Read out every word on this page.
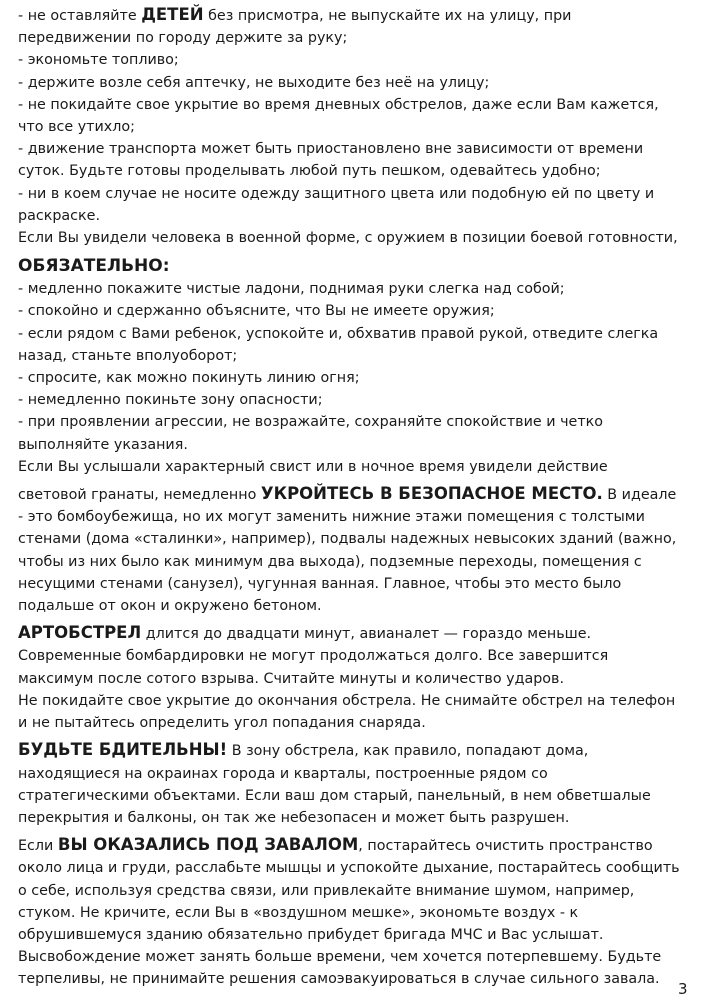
- не оставляйте ДЕТЕЙ без присмотра, не выпускайте их на улицу, при
передвижении по городу держите за руку;
- экономьте топливо;
- держите возле себя аптечку, не выходите без неё на улицу;
- не покидайте свое укрытие во время дневных обстрелов, даже если Вам кажется,
что все утихло;
- движение транспорта может быть приостановлено вне зависимости от времени
суток. Будьте готовы проделывать любой путь пешком, одевайтесь удобно;
- ни в коем случае не носите одежду защитного цвета или подобную ей по цвету и
раскраске.
Если Вы увидели человека в военной форме, с оружием в позиции боевой готовности,
ОБЯЗАТЕЛЬНО:
- медленно покажите чистые ладони, поднимая руки слегка над собой;
- спокойно и сдержанно объясните, что Вы не имеете оружия;
- если рядом с Вами ребенок, успокойте и, обхватив правой рукой, отведите слегка
назад, станьте вполуоборот;
- спросите, как можно покинуть линию огня;
- немедленно покиньте зону опасности;
- при проявлении агрессии, не возражайте, сохраняйте спокойствие и четко
выполняйте указания.
Если Вы услышали характерный свист или в ночное время увидели действие
световой гранаты, немедленно УКРОЙТЕСЬ В БЕЗОПАСНОЕ МЕСТО. В идеале
- это бомбоубежища, но их могут заменить нижние этажи помещения с толстыми
стенами (дома «сталинки», например), подвалы надежных невысоких зданий (важно,
чтобы из них было как минимум два выхода), подземные переходы, помещения с
несущими стенами (санузел), чугунная ванная. Главное, чтобы это место было
подальше от окон и окружено бетоном.
АРТОБСТРЕЛ длится до двадцати минут, авианалет — гораздо меньше.
Современные бомбардировки не могут продолжаться долго. Все завершится
максимум после сотого взрыва. Считайте минуты и количество ударов.
Не покидайте свое укрытие до окончания обстрела. Не снимайте обстрел на телефон
и не пытайтесь определить угол попадания снаряда.
БУДЬТЕ БДИТЕЛЬНЫ! В зону обстрела, как правило, попадают дома,
находящиеся на окраинах города и кварталы, построенные рядом со
стратегическими объектами. Если ваш дом старый, панельный, в нем обветшалые
перекрытия и балконы, он так же небезопасен и может быть разрушен.
Если ВЫ ОКАЗАЛИСЬ ПОД ЗАВАЛОМ, постарайтесь очистить пространство
около лица и груди, расслабьте мышцы и успокойте дыхание, постарайтесь сообщить
о себе, используя средства связи, или привлекайте внимание шумом, например,
стуком. Не кричите, если Вы в «воздушном мешке», экономьте воздух - к
обрушившемуся зданию обязательно прибудет бригада МЧС и Вас услышат.
Высвобождение может занять больше времени, чем хочется потерпевшему. Будьте
терпеливы, не принимайте решения самоэвакуироваться в случае сильного завала.
3
